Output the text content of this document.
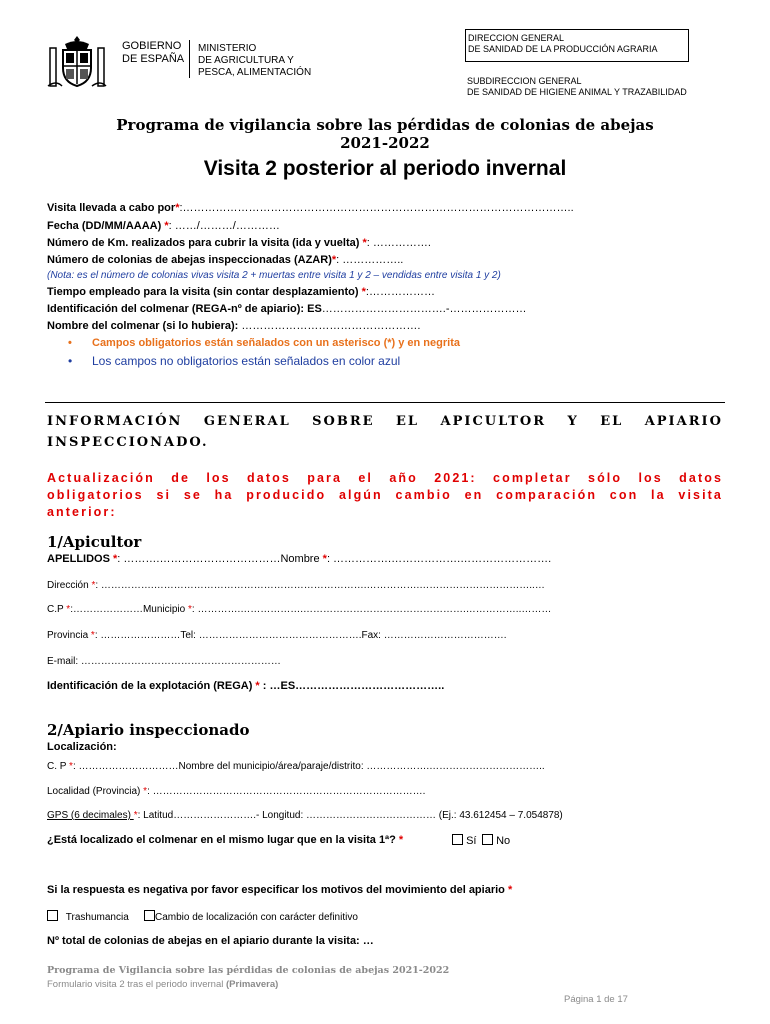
GOBIERNO
DE ESPAÑA
MINISTERIO
DE AGRICULTURA Y
PESCA, ALIMENTACIÓN
DIRECCION GENERAL
DE SANIDAD DE LA PRODUCCIÓN AGRARIA
SUBDIRECCION GENERAL
DE SANIDAD DE HIGIENE ANIMAL Y TRAZABILIDAD
Programa de vigilancia sobre las pérdidas de colonias de abejas
2021-2022
Visita 2 posterior al periodo invernal
Visita llevada a cabo por*:……………………………………………………………………………………………..
Fecha (DD/MM/AAAA) *: ……/………/…………
Número de Km. realizados para cubrir la visita (ida y vuelta) *: …………….
Número de colonias de abejas inspeccionadas (AZAR)*: ……………..
(Nota: es el número de colonias vivas visita 2 + muertas entre visita 1 y 2 – vendidas entre visita 1 y 2)
Tiempo empleado para la visita (sin contar desplazamiento) *:………………
Identificación del colmenar (REGA-nº de apiario): ES…………………………….-…………………
Nombre del colmenar (si lo hubiera): ………………………………………….
• Campos obligatorios están señalados con un asterisco (*) y en negrita
• Los campos no obligatorios están señalados en color azul
INFORMACIÓN GENERAL SOBRE EL APICULTOR Y EL APIARIO
INSPECCIONADO.
Actualización de los datos para el año 2021: completar sólo los datos
obligatorios si se ha producido algún cambio en comparación con la visita
anterior:
1/Apicultor
APELLIDOS *: ……….……………………………Nombre *: …………….……………….…………………….
Dirección *: …………….……………………………………………………….…………….……………………………..…
C.P *:…………………Municipio *: ………….……………….………………………………………….……………..………
Provincia *: ……………………Tel: ………………………………………….Fax: ……………………………….
E-mail: ……………………………………………………
Identificación de la explotación (REGA) * : …ES…………………………………..
2/Apiario inspeccionado
Localización:
C. P *: …………………………Nombre del municipio/área/paraje/distrito: ……………….……………………………..
Localidad (Provincia) *: ……………………………………………………………………….
GPS (6 decimales) *: Latitud…………………….- Longitud: ………………………………… (Ej.: 43.612454 – 7.054878)
¿Está localizado el colmenar en el mismo lugar que en la visita 1ª? *	Sí	No
Si la respuesta es negativa por favor especificar los motivos del movimiento del apiario *
Trashumancia	Cambio de localización con carácter definitivo
Nº total de colonias de abejas en el apiario durante la visita: …
Programa de Vigilancia sobre las pérdidas de colonias de abejas 2021-2022
Formulario visita 2 tras el periodo invernal (Primavera)
Página 1 de 17
